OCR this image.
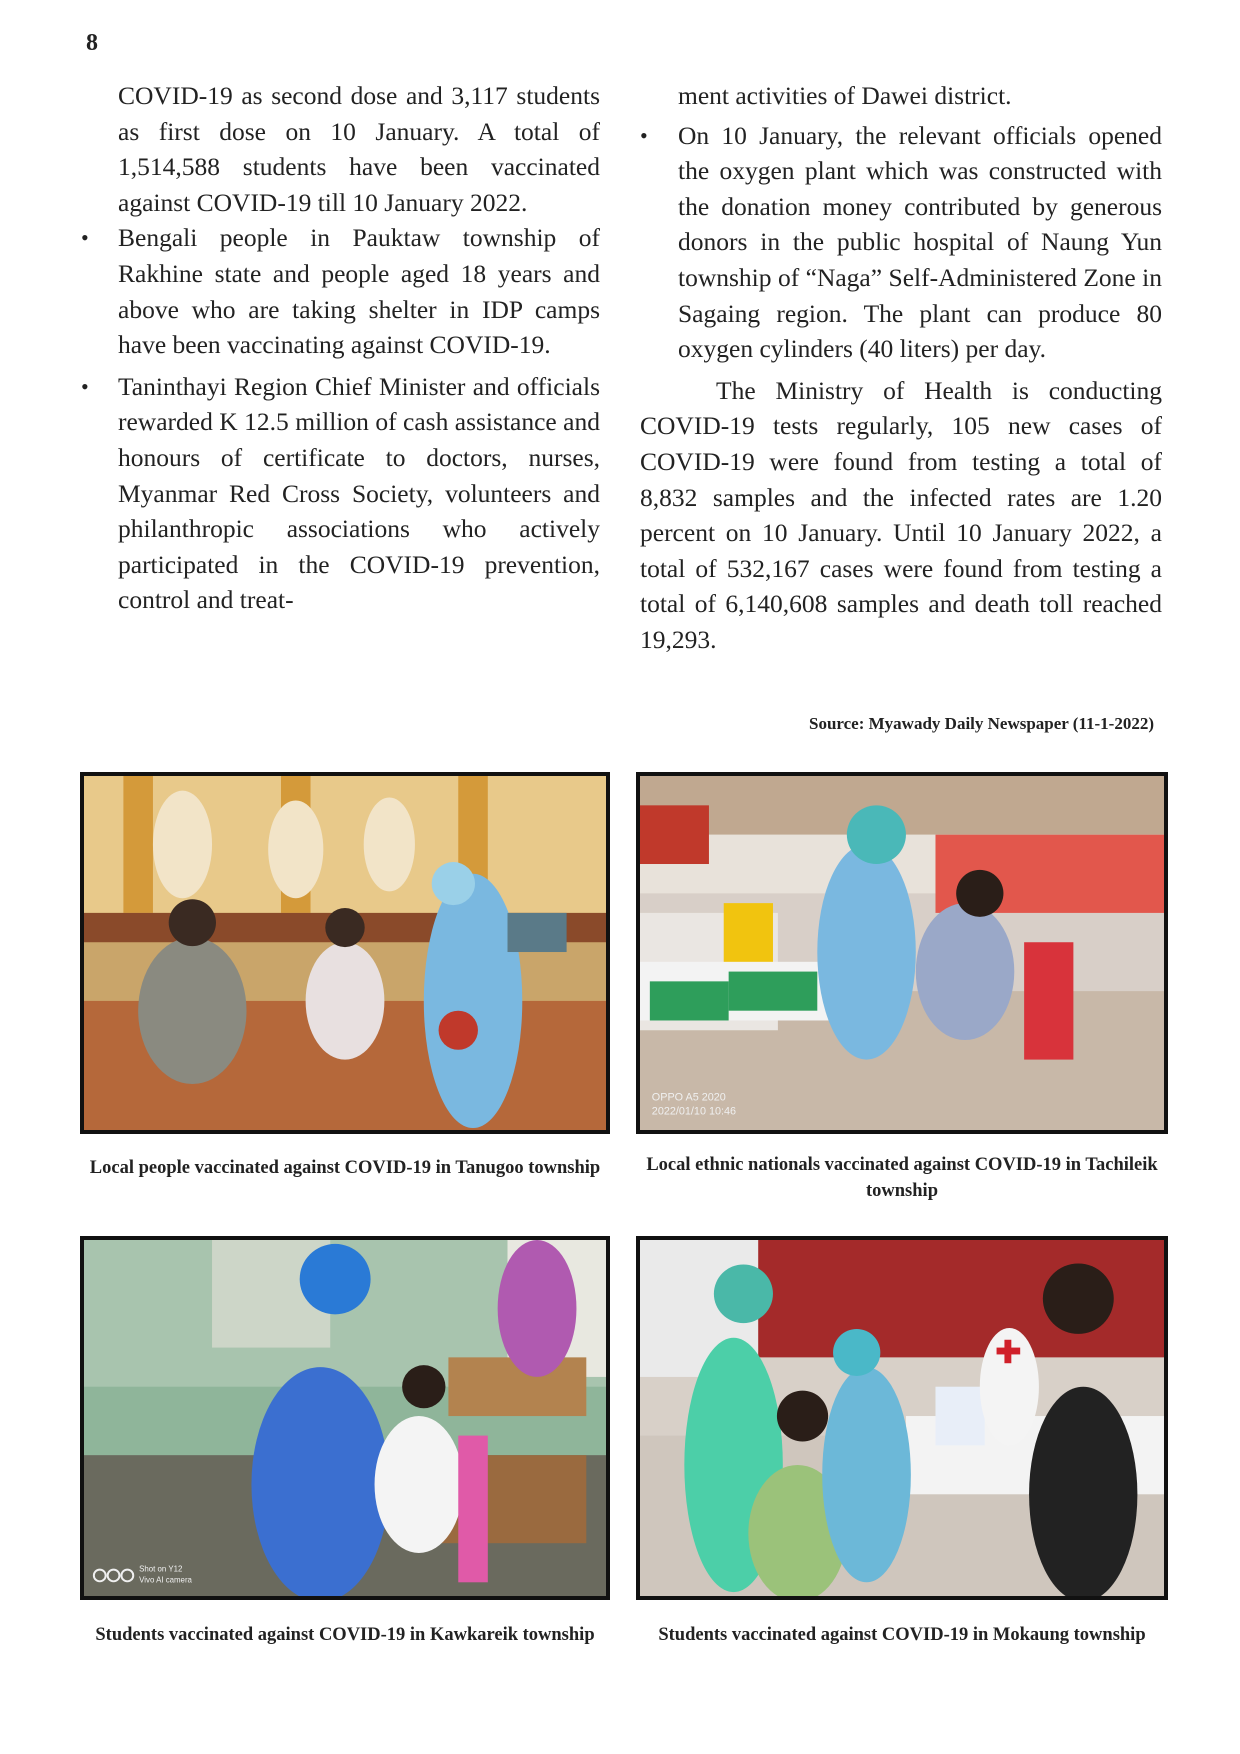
8

COVID-19 as second dose and 3,117 students as first dose on 10 January. A total of 1,514,588 students have been vaccinated against COVID-19 till 10 January 2022.

• Bengali people in Pauktaw township of Rakhine state and people aged 18 years and above who are taking shelter in IDP camps have been vaccinating against COVID-19.
• Taninthayi Region Chief Minister and officials rewarded K 12.5 million of cash assistance and honours of certificate to doctors, nurses, Myanmar Red Cross Society, volunteers and philanthropic associations who actively participated in the COVID-19 prevention, control and treat-

ment activities of Dawei district.

• On 10 January, the relevant officials opened the oxygen plant which was constructed with the donation money contributed by generous donors in the public hospital of Naung Yun township of “Naga” Self-Administered Zone in Sagaing region. The plant can produce 80 oxygen cylinders (40 liters) per day.

The Ministry of Health is conducting COVID-19 tests regularly, 105 new cases of COVID-19 were found from testing a total of 8,832 samples and the infected rates are 1.20 percent on 10 January. Until 10 January 2022, a total of 532,167 cases were found from testing a total of 6,140,608 samples and death toll reached 19,293.

Source: Myawady Daily Newspaper (11-1-2022)
Local people vaccinated against COVID-19 in Tanugoo township
OPPO A5 2020
2022/01/10 10:46
Local ethnic nationals vaccinated against COVID-19 in Tachileik township
Shot on Y12
Vivo AI camera
Students vaccinated against COVID-19 in Kawkareik township	Students vaccinated against COVID-19 in Mokaung township
